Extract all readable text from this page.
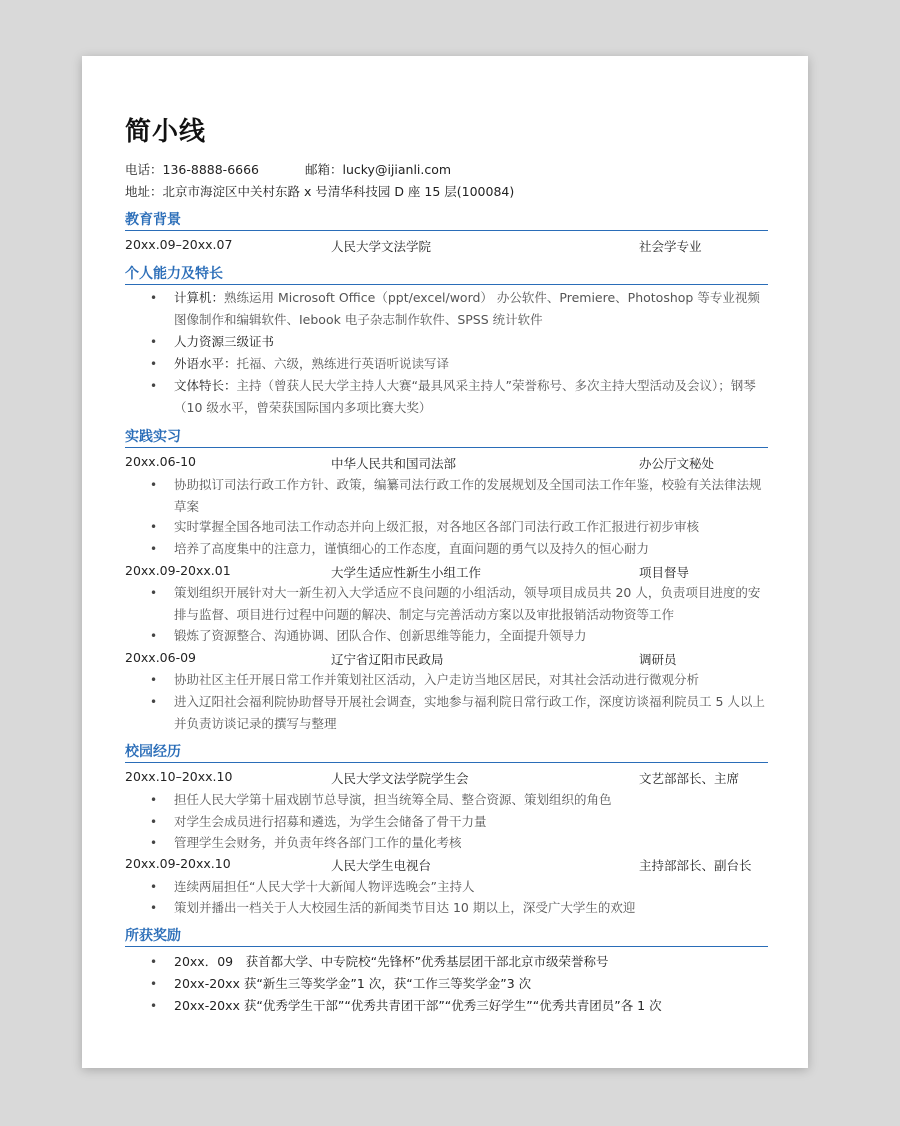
简小线
电话：136-8888-6666	邮箱：lucky@ijianli.com
地址：北京市海淀区中关村东路 x 号清华科技园 D 座 15 层(100084)
教育背景
20xx.09–20xx.07	人民大学文法学院	社会学专业
个人能力及特长
•	计算机：熟练运用 Microsoft Office（ppt/excel/word） 办公软件、Premiere、Photoshop 等专业视频图像制作和编辑软件、Iebook 电子杂志制作软件、SPSS 统计软件
•	人力资源三级证书
•	外语水平：托福、六级，熟练进行英语听说读写译
•	文体特长：主持（曾获人民大学主持人大赛“最具风采主持人”荣誉称号、多次主持大型活动及会议）；钢琴（10 级水平，曾荣获国际国内多项比赛大奖）
实践实习
20xx.06-10	中华人民共和国司法部	办公厅文秘处
•	协助拟订司法行政工作方针、政策，编纂司法行政工作的发展规划及全国司法工作年鉴，校验有关法律法规草案
•	实时掌握全国各地司法工作动态并向上级汇报，对各地区各部门司法行政工作汇报进行初步审核
•	培养了高度集中的注意力，谨慎细心的工作态度，直面问题的勇气以及持久的恒心耐力
20xx.09-20xx.01	大学生适应性新生小组工作	项目督导
•	策划组织开展针对大一新生初入大学适应不良问题的小组活动，领导项目成员共 20 人，负责项目进度的安排与监督、项目进行过程中问题的解决、制定与完善活动方案以及审批报销活动物资等工作
•	锻炼了资源整合、沟通协调、团队合作、创新思维等能力，全面提升领导力
20xx.06-09	辽宁省辽阳市民政局	调研员
•	协助社区主任开展日常工作并策划社区活动，入户走访当地区居民，对其社会活动进行微观分析
•	进入辽阳社会福利院协助督导开展社会调查，实地参与福利院日常行政工作，深度访谈福利院员工 5 人以上并负责访谈记录的撰写与整理
校园经历
20xx.10–20xx.10	人民大学文法学院学生会	文艺部部长、主席
•	担任人民大学第十届戏剧节总导演，担当统筹全局、整合资源、策划组织的角色
•	对学生会成员进行招募和遴选，为学生会储备了骨干力量
•	管理学生会财务，并负责年终各部门工作的量化考核
20xx.09-20xx.10	人民大学生电视台	主持部部长、副台长
•	连续两届担任“人民大学十大新闻人物评选晚会”主持人
•	策划并播出一档关于人大校园生活的新闻类节目达 10 期以上，深受广大学生的欢迎
所获奖励
•	20xx．09　获首都大学、中专院校“先锋杯”优秀基层团干部北京市级荣誉称号
•	20xx-20xx 获“新生三等奖学金”1 次，获“工作三等奖学金”3 次
•	20xx-20xx 获“优秀学生干部”“优秀共青团干部”“优秀三好学生”“优秀共青团员”各 1 次
